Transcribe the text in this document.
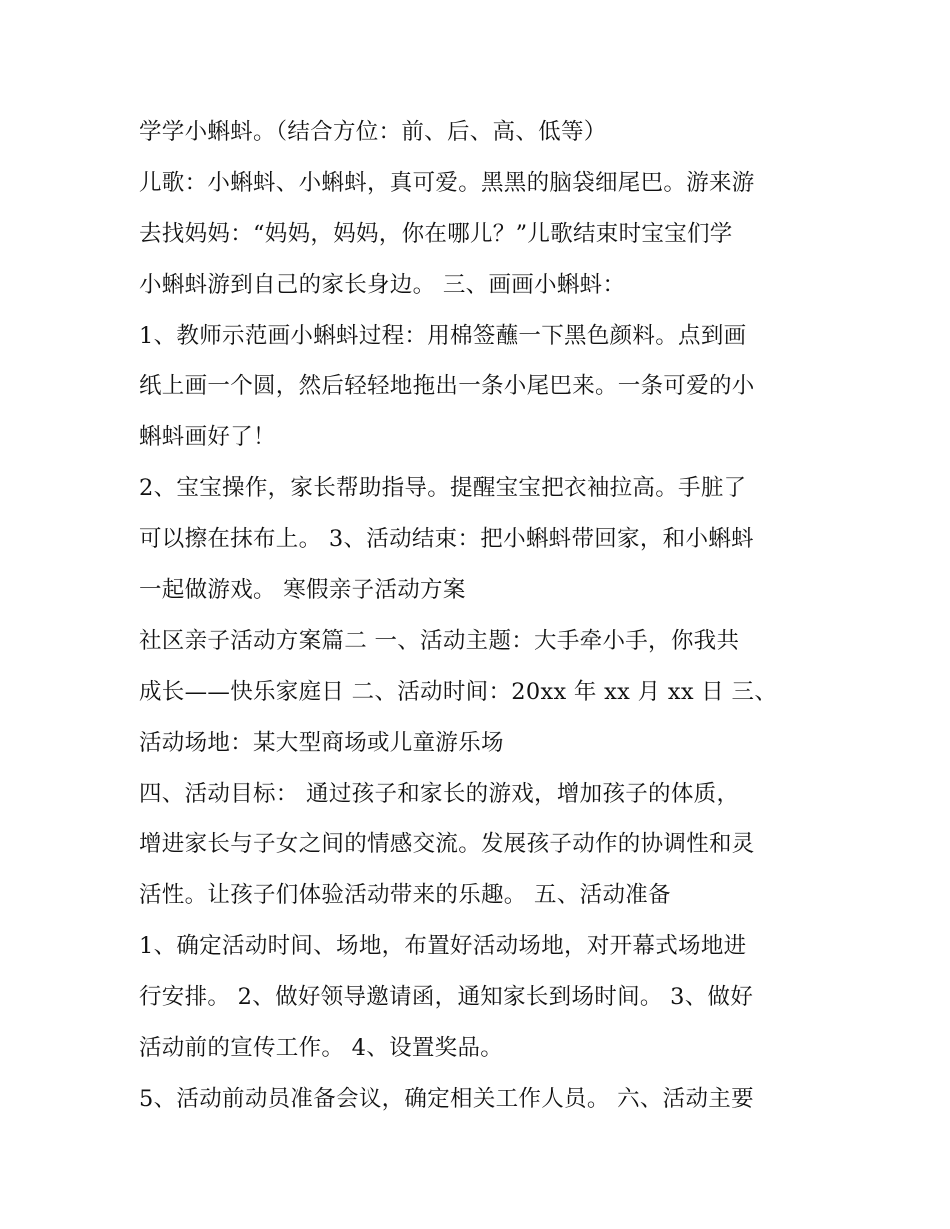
学学小蝌蚪。（结合方位：前、后、高、低等）
儿歌：小蝌蚪、小蝌蚪，真可爱。黑黑的脑袋细尾巴。游来游
去找妈妈：“妈妈，妈妈，你在哪儿？”儿歌结束时宝宝们学
小蝌蚪游到自己的家长身边。 三、画画小蝌蚪：
1、教师示范画小蝌蚪过程：用棉签蘸一下黑色颜料。点到画
纸上画一个圆，然后轻轻地拖出一条小尾巴来。一条可爱的小
蝌蚪画好了！
2、宝宝操作，家长帮助指导。提醒宝宝把衣袖拉高。手脏了
可以擦在抹布上。 3、活动结束：把小蝌蚪带回家，和小蝌蚪
一起做游戏。 寒假亲子活动方案
社区亲子活动方案篇二 一、活动主题：大手牵小手，你我共
成长——快乐家庭日 二、活动时间：20xx 年 xx 月 xx 日 三、
活动场地：某大型商场或儿童游乐场
四、活动目标： 通过孩子和家长的游戏，增加孩子的体质，
增进家长与子女之间的情感交流。发展孩子动作的协调性和灵
活性。让孩子们体验活动带来的乐趣。 五、活动准备
1、确定活动时间、场地，布置好活动场地，对开幕式场地进
行安排。 2、做好领导邀请函，通知家长到场时间。 3、做好
活动前的宣传工作。 4、设置奖品。
5、活动前动员准备会议，确定相关工作人员。 六、活动主要
